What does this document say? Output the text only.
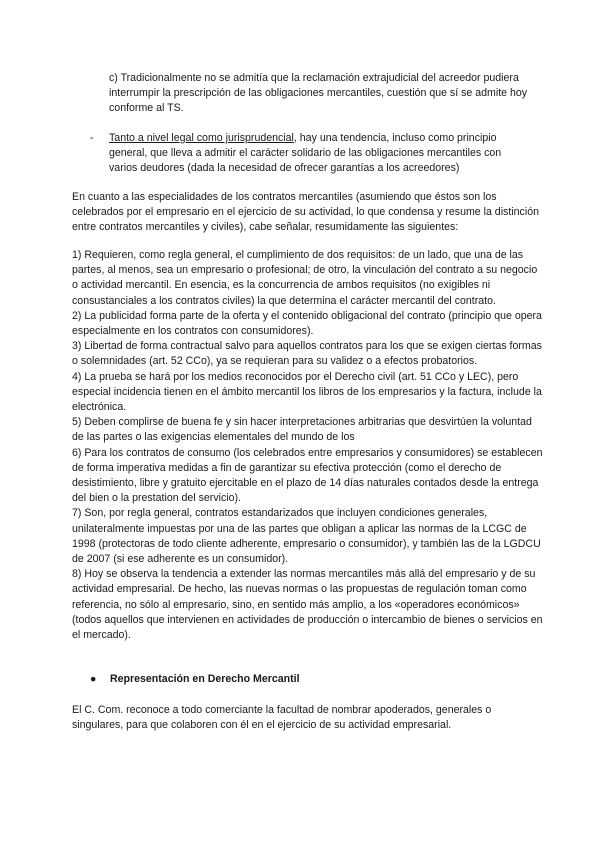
c) Tradicionalmente no se admitía que la reclamación extrajudicial del acreedor pudiera interrumpir la prescripción de las obligaciones mercantiles, cuestión que sí se admite hoy conforme al TS.

- Tanto a nivel legal como jurisprudencial, hay una tendencia, incluso como principio general, que lleva a admitir el carácter solidario de las obligaciones mercantiles con varios deudores (dada la necesidad de ofrecer garantías a los acreedores)

En cuanto a las especialidades de los contratos mercantiles (asumiendo que éstos son los celebrados por el empresario en el ejercicio de su actividad, lo que condensa y resume la distinción entre contratos mercantiles y civiles), cabe señalar, resumidamente las siguientes:

1) Requieren, como regla general, el cumplimiento de dos requisitos: de un lado, que una de las partes, al menos, sea un empresario o profesional; de otro, la vinculación del contrato a su negocio o actividad mercantil. En esencia, es la concurrencia de ambos requisitos (no exigibles ni consustanciales a los contratos civiles) la que determina el carácter mercantil del contrato.

2) La publicidad forma parte de la oferta y el contenido obligacional del contrato (principio que opera especialmente en los contratos con consumidores).

3) Libertad de forma contractual salvo para aquellos contratos para los que se exigen ciertas formas o solemnidades (art. 52 CCo), ya se requieran para su validez o a efectos probatorios.

4) La prueba se hará por los medios reconocidos por el Derecho civil (art. 51 CCo y LEC), pero especial incidencia tienen en el ámbito mercantil los libros de los empresarios y la factura, include la electrónica.

5) Deben complirse de buena fe y sin hacer interpretaciones arbitrarias que desvirtúen la voluntad de las partes o las exigencias elementales del mundo de los

6) Para los contratos de consumo (los celebrados entre empresarios y consumidores) se establecen de forma imperativa medidas a fin de garantizar su efectiva protección (como el derecho de desistimiento, libre y gratuito ejercitable en el plazo de 14 días naturales contados desde la entrega del bien o la prestation del servicio).

7) Son, por regla general, contratos estandarizados que incluyen condiciones generales, unilateralmente impuestas por una de las partes que obligan a aplicar las normas de la LCGC de 1998 (protectoras de todo cliente adherente, empresario o consumidor), y también las de la LGDCU de 2007 (si ese adherente es un consumidor).

8) Hoy se observa la tendencia a extender las normas mercantiles más allá del empresario y de su actividad empresarial. De hecho, las nuevas normas o las propuestas de regulación toman como referencia, no sólo al empresario, sino, en sentido más amplio, a los «operadores económicos» (todos aquellos que intervienen en actividades de producción o intercambio de bienes o servicios en el mercado).

● Representación en Derecho Mercantil

El C. Com. reconoce a todo comerciante la facultad de nombrar apoderados, generales o singulares, para que colaboren con él en el ejercicio de su actividad empresarial.
